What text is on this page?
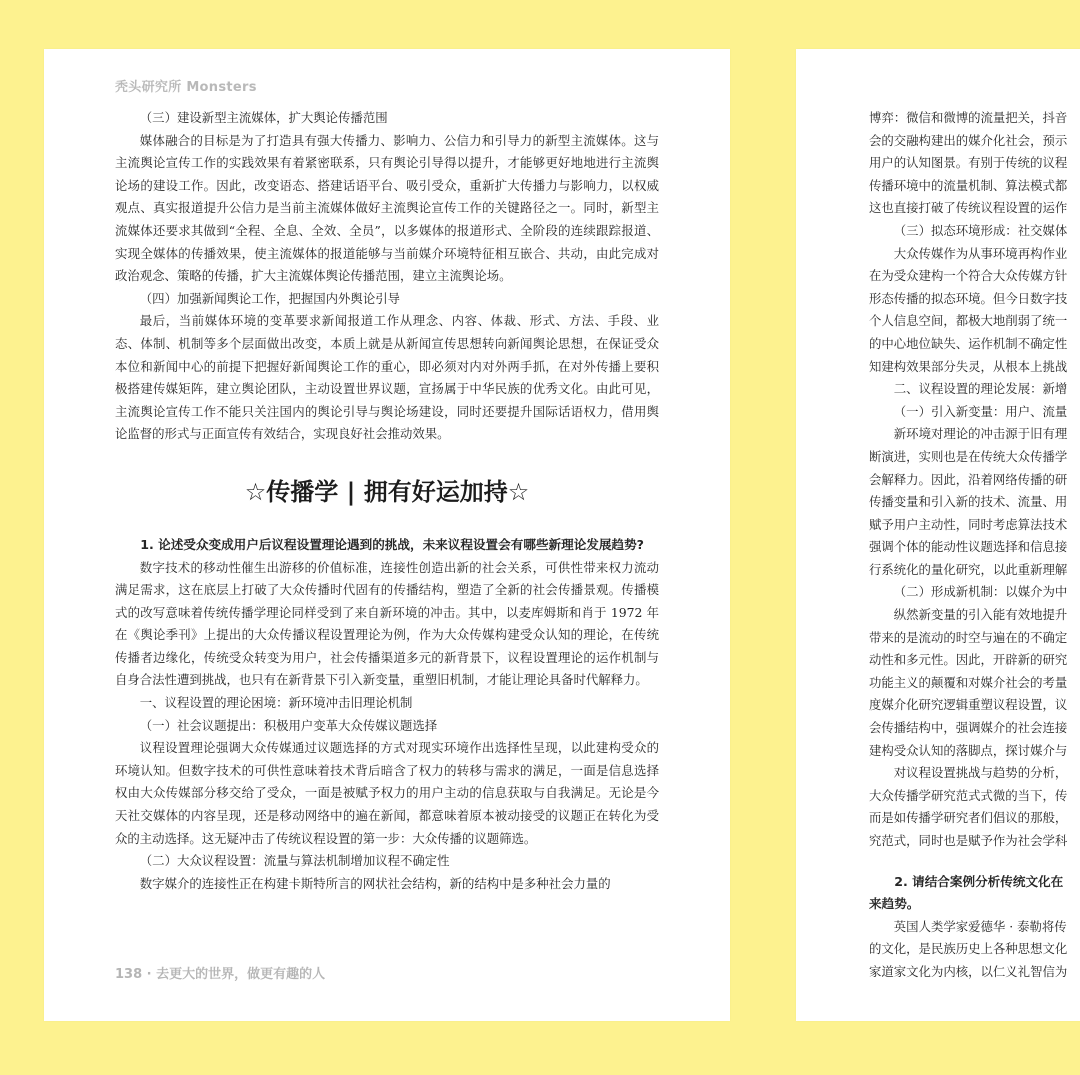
秃头研究所 Monsters

（三）建设新型主流媒体，扩大舆论传播范围

媒体融合的目标是为了打造具有强大传播力、影响力、公信力和引导力的新型主流媒体。这与主流舆论宣传工作的实践效果有着紧密联系，只有舆论引导得以提升，才能够更好地地进行主流舆论场的建设工作。因此，改变语态、搭建话语平台、吸引受众，重新扩大传播力与影响力，以权威观点、真实报道提升公信力是当前主流媒体做好主流舆论宣传工作的关键路径之一。同时，新型主流媒体还要求其做到“全程、全息、全效、全员”，以多媒体的报道形式、全阶段的连续跟踪报道、实现全媒体的传播效果，使主流媒体的报道能够与当前媒介环境特征相互嵌合、共动，由此完成对政治观念、策略的传播，扩大主流媒体舆论传播范围，建立主流舆论场。

（四）加强新闻舆论工作，把握国内外舆论引导

最后，当前媒体环境的变革要求新闻报道工作从理念、内容、体裁、形式、方法、手段、业态、体制、机制等多个层面做出改变，本质上就是从新闻宣传思想转向新闻舆论思想，在保证受众本位和新闻中心的前提下把握好新闻舆论工作的重心，即必须对内对外两手抓，在对外传播上要积极搭建传媒矩阵，建立舆论团队，主动设置世界议题，宣扬属于中华民族的优秀文化。由此可见，主流舆论宣传工作不能只关注国内的舆论引导与舆论场建设，同时还要提升国际话语权力，借用舆论监督的形式与正面宣传有效结合，实现良好社会推动效果。

☆传播学 | 拥有好运加持☆

1. 论述受众变成用户后议程设置理论遇到的挑战，未来议程设置会有哪些新理论发展趋势?

数字技术的移动性催生出游移的价值标准，连接性创造出新的社会关系，可供性带来权力流动满足需求，这在底层上打破了大众传播时代固有的传播结构，塑造了全新的社会传播景观。传播模式的改写意味着传统传播学理论同样受到了来自新环境的冲击。其中，以麦库姆斯和肖于 1972 年在《舆论季刊》上提出的大众传播议程设置理论为例，作为大众传媒构建受众认知的理论，在传统传播者边缘化，传统受众转变为用户，社会传播渠道多元的新背景下，议程设置理论的运作机制与自身合法性遭到挑战，也只有在新背景下引入新变量，重塑旧机制，才能让理论具备时代解释力。

一、议程设置的理论困境：新环境冲击旧理论机制

（一）社会议题提出：积极用户变革大众传媒议题选择

议程设置理论强调大众传媒通过议题选择的方式对现实环境作出选择性呈现，以此建构受众的环境认知。但数字技术的可供性意味着技术背后暗含了权力的转移与需求的满足，一面是信息选择权由大众传媒部分移交给了受众，一面是被赋予权力的用户主动的信息获取与自我满足。无论是今天社交媒体的内容呈现，还是移动网络中的遍在新闻，都意味着原本被动接受的议题正在转化为受众的主动选择。这无疑冲击了传统议程设置的第一步：大众传播的议题筛选。

（二）大众议程设置：流量与算法机制增加议程不确定性

数字媒介的连接性正在构建卡斯特所言的网状社会结构，新的结构中是多种社会力量的

138 · 去更大的世界，做更有趣的人

博弈：微信和微博的流量把关，抖音

会的交融构建出的媒介化社会，预示

用户的认知图景。有别于传统的议程

传播环境中的流量机制、算法模式都

这也直接打破了传统议程设置的运作

（三）拟态环境形成：社交媒体

大众传媒作为从事环境再构作业

在为受众建构一个符合大众传媒方针

形态传播的拟态环境。但今日数字技

个人信息空间，都极大地削弱了统一

的中心地位缺失、运作机制不确定性

知建构效果部分失灵，从根本上挑战

二、议程设置的理论发展：新增

（一）引入新变量：用户、流量

新环境对理论的冲击源于旧有理

断演进，实则也是在传统大众传播学

会解释力。因此，沿着网络传播的研

传播变量和引入新的技术、流量、用

赋予用户主动性，同时考虑算法技术

强调个体的能动性议题选择和信息接

行系统化的量化研究，以此重新理解

（二）形成新机制：以媒介为中

纵然新变量的引入能有效地提升

带来的是流动的时空与遍在的不确定

动性和多元性。因此，开辟新的研究

功能主义的颠覆和对媒介社会的考量

度媒介化研究逻辑重塑议程设置，议

会传播结构中，强调媒介的社会连接

建构受众认知的落脚点，探讨媒介与

对议程设置挑战与趋势的分析，

大众传播学研究范式式微的当下，传

而是如传播学研究者们倡议的那般，

究范式，同时也是赋予作为社会学科

2. 请结合案例分析传统文化在

来趋势。

英国人类学家爱德华 · 泰勒将传

的文化，是民族历史上各种思想文化

家道家文化为内核，以仁义礼智信为
